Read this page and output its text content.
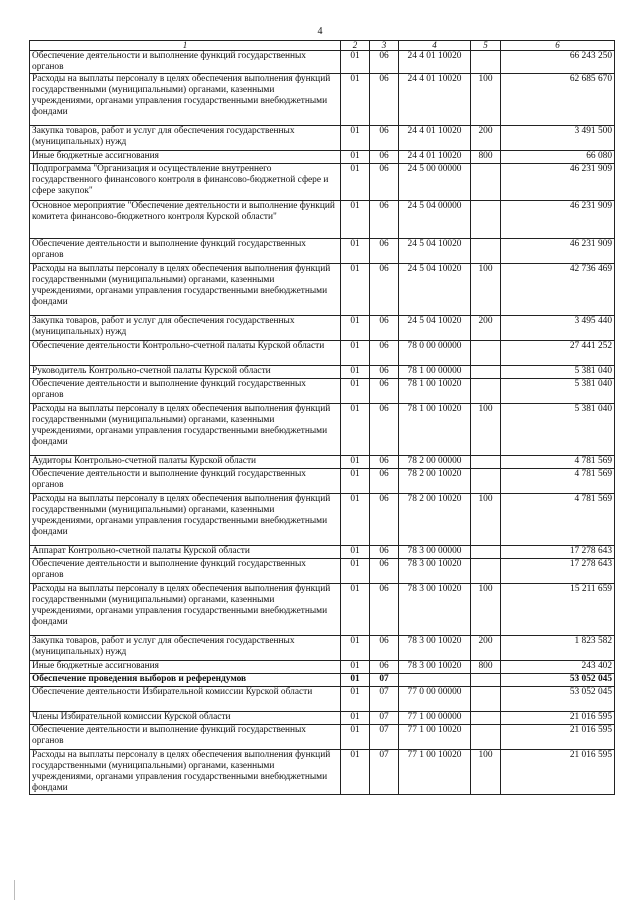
4
1	2	3	4	5	6
Обеспечение деятельности и выполнение функций государственных органов	01	06	24 4 01 10020		66 243 250
Расходы на выплаты персоналу в целях обеспечения выполнения функций государственными (муниципальными) органами, казенными учреждениями, органами управления государственными внебюджетными фондами	01	06	24 4 01 10020	100	62 685 670
Закупка товаров, работ и услуг для обеспечения государственных (муниципальных) нужд	01	06	24 4 01 10020	200	3 491 500
Иные бюджетные ассигнования	01	06	24 4 01 10020	800	66 080
Подпрограмма "Организация и осуществление внутреннего государственного финансового контроля в финансово-бюджетной сфере и сфере закупок"	01	06	24 5 00 00000		46 231 909
Основное мероприятие "Обеспечение деятельности и выполнение функций комитета финансово-бюджетного контроля Курской области"	01	06	24 5 04 00000		46 231 909
Обеспечение деятельности и выполнение функций государственных органов	01	06	24 5 04 10020		46 231 909
Расходы на выплаты персоналу в целях обеспечения выполнения функций государственными (муниципальными) органами, казенными учреждениями, органами управления государственными внебюджетными фондами	01	06	24 5 04 10020	100	42 736 469
Закупка товаров, работ и услуг для обеспечения государственных (муниципальных) нужд	01	06	24 5 04 10020	200	3 495 440
Обеспечение деятельности Контрольно-счетной палаты Курской области	01	06	78 0 00 00000		27 441 252
Руководитель Контрольно-счетной палаты Курской области	01	06	78 1 00 00000		5 381 040
Обеспечение деятельности и выполнение функций государственных органов	01	06	78 1 00 10020		5 381 040
Расходы на выплаты персоналу в целях обеспечения выполнения функций государственными (муниципальными) органами, казенными учреждениями, органами управления государственными внебюджетными фондами	01	06	78 1 00 10020	100	5 381 040
Аудиторы Контрольно-счетной палаты Курской области	01	06	78 2 00 00000		4 781 569
Обеспечение деятельности и выполнение функций государственных органов	01	06	78 2 00 10020		4 781 569
Расходы на выплаты персоналу в целях обеспечения выполнения функций государственными (муниципальными) органами, казенными учреждениями, органами управления государственными внебюджетными фондами	01	06	78 2 00 10020	100	4 781 569
Аппарат Контрольно-счетной палаты Курской области	01	06	78 3 00 00000		17 278 643
Обеспечение деятельности и выполнение функций государственных органов	01	06	78 3 00 10020		17 278 643
Расходы на выплаты персоналу в целях обеспечения выполнения функций государственными (муниципальными) органами, казенными учреждениями, органами управления государственными внебюджетными фондами	01	06	78 3 00 10020	100	15 211 659
Закупка товаров, работ и услуг для обеспечения государственных (муниципальных) нужд	01	06	78 3 00 10020	200	1 823 582
Иные бюджетные ассигнования	01	06	78 3 00 10020	800	243 402
Обеспечение проведения выборов и референдумов	01	07			53 052 045
Обеспечение деятельности Избирательной комиссии Курской области	01	07	77 0 00 00000		53 052 045
Члены Избирательной комиссии Курской области	01	07	77 1 00 00000		21 016 595
Обеспечение деятельности и выполнение функций государственных органов	01	07	77 1 00 10020		21 016 595
Расходы на выплаты персоналу в целях обеспечения выполнения функций государственными (муниципальными) органами, казенными учреждениями, органами управления государственными внебюджетными фондами	01	07	77 1 00 10020	100	21 016 595
